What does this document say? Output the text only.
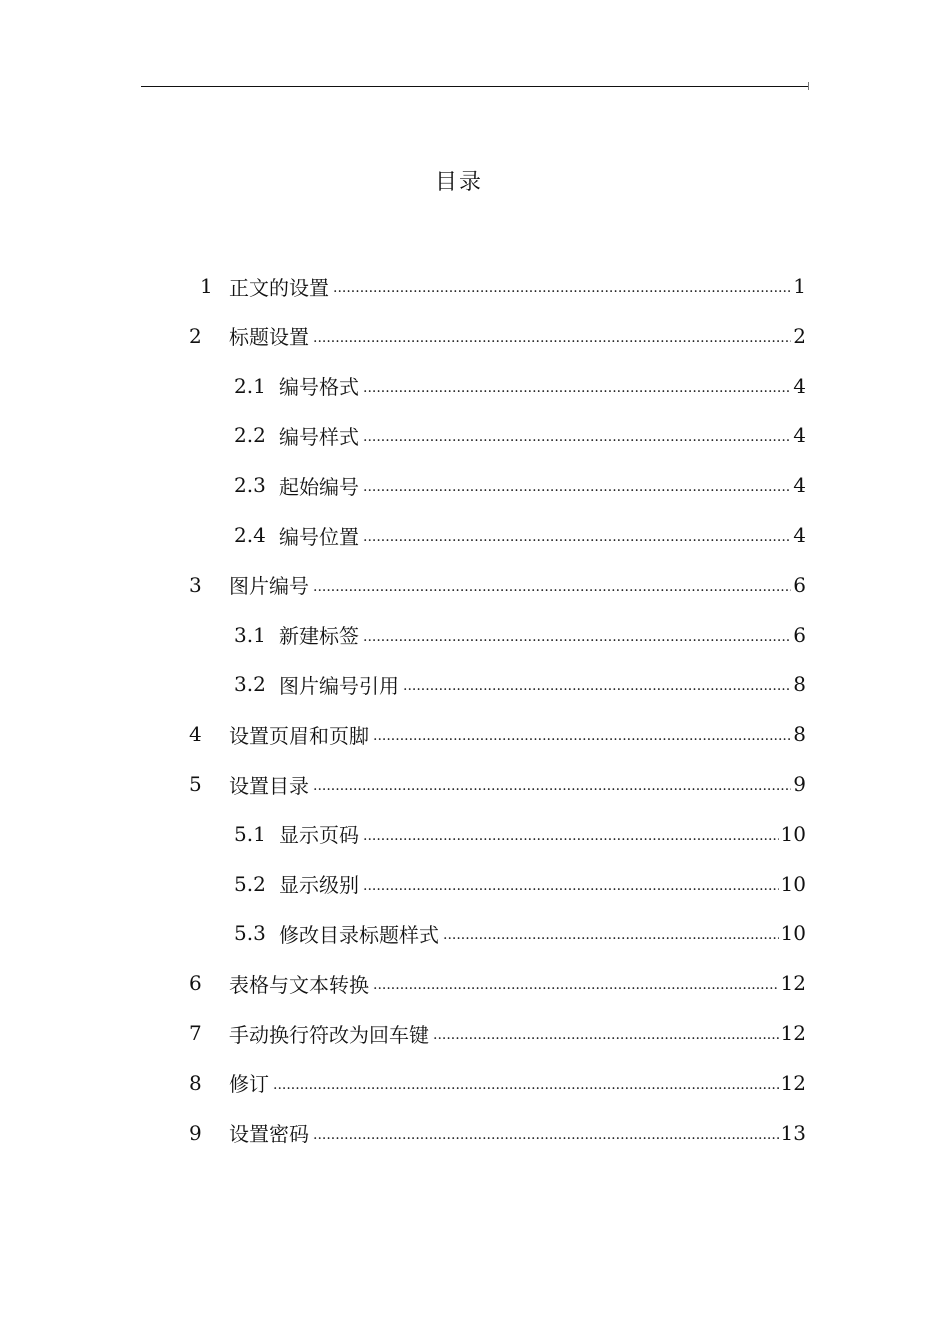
目录
1 正文的设置 .....	1
2	标题设置 .....	2
2.1 编号格式 .....	4
2.2 编号样式 .....	4
2.3 起始编号 .....	4
2.4 编号位置 .....	4
3	图片编号 .....	6
3.1 新建标签 .....	6
3.2 图片编号引用 .....	8
4	设置页眉和页脚 .....	8
5	设置目录 .....	9
5.1 显示页码 .....	10
5.2 显示级别 .....	10
5.3 修改目录标题样式 .....	10
6	表格与文本转换 .....	12
7	手动换行符改为回车键 .....	12
8	修订 .....	12
9	设置密码 .....	13
